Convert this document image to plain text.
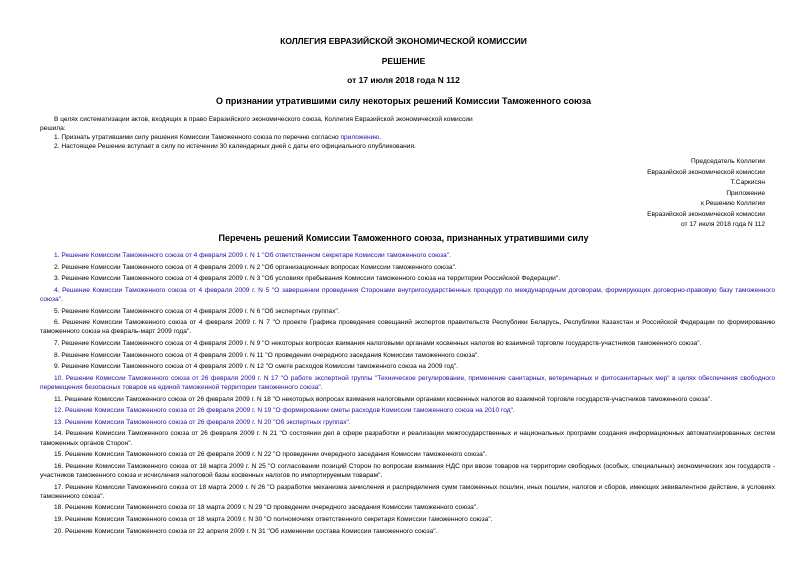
КОЛЛЕГИЯ ЕВРАЗИЙСКОЙ ЭКОНОМИЧЕСКОЙ КОМИССИИ
РЕШЕНИЕ
от 17 июля 2018 года N 112
О признании утратившими силу некоторых решений Комиссии Таможенного союза

В целях систематизации актов, входящих в право Евразийского экономического союза, Коллегия Евразийской экономической комиссии

решила:

1. Признать утратившими силу решения Комиссии Таможенного союза по перечню согласно приложению.

2. Настоящее Решение вступает в силу по истечении 30 календарных дней с даты его официального опубликования.

Председатель Коллегии
Евразийской экономической комиссии
Т.Саркисян
Приложение
к Решению Коллегии
Евразийской экономической комиссии
от 17 июля 2018 года N 112
Перечень решений Комиссии Таможенного союза, признанных утратившими силу
1. Решение Комиссии Таможенного союза от 4 февраля 2009 г. N 1 "Об ответственном секретаре Комиссии таможенного союза".
2. Решение Комиссии Таможенного союза от 4 февраля 2009 г. N 2 "Об организационных вопросах Комиссии таможенного союза".
3. Решение Комиссии Таможенного союза от 4 февраля 2009 г. N 3 "Об условиях пребывания Комиссии таможенного союза на территории Российской Федерации".
4. Решение Комиссии Таможенного союза от 4 февраля 2009 г. N 5 "О завершении проведения Сторонами внутригосударственных процедур по международным договорам, формирующих договорно-правовую базу таможенного союза".
5. Решение Комиссии Таможенного союза от 4 февраля 2009 г. N 6 "Об экспертных группах".
6. Решение Комиссии Таможенного союза от 4 февраля 2009 г. N 7 "О проекте Графика проведения совещаний экспертов правительств Республики Беларусь, Республики Казахстан и Российской Федерации по формированию таможенного союза на февраль-март 2009 года".
7. Решение Комиссии Таможенного союза от 4 февраля 2009 г. N 9 "О некоторых вопросах взимания налоговыми органами косвенных налогов во взаимной торговле государств-участников таможенного союза".
8. Решение Комиссии Таможенного союза от 4 февраля 2009 г. N 11 "О проведении очередного заседания Комиссии таможенного союза".
9. Решение Комиссии Таможенного союза от 4 февраля 2009 г. N 12 "О смете расходов Комиссии таможенного союза на 2009 год".
10. Решение Комиссии Таможенного союза от 26 февраля 2009 г. N 17 "О работе экспертной группы "Техническое регулирование, применение санитарных, ветеринарных и фитосанитарных мер" в целях обеспечения свободного перемещения безопасных товаров на единой таможенной территории таможенного союза".
11. Решение Комиссии Таможенного союза от 26 февраля 2009 г. N 18 "О некоторых вопросах взимания налоговыми органами косвенных налогов во взаимной торговле государств-участников таможенного союза".
12. Решение Комиссии Таможенного союза от 26 февраля 2009 г. N 19 "О формировании сметы расходов Комиссии таможенного союза на 2010 год".
13. Решение Комиссии Таможенного союза от 26 февраля 2009 г. N 20 "Об экспертных группах".
14. Решение Комиссии Таможенного союза от 26 февраля 2009 г. N 21 "О состоянии дел в сфере разработки и реализации межгосударственных и национальных программ создания информационных автоматизированных систем таможенных органов Сторон".
15. Решение Комиссии Таможенного союза от 26 февраля 2009 г. N 22 "О проведении очередного заседания Комиссии таможенного союза".
16. Решение Комиссии Таможенного союза от 18 марта 2009 г. N 25 "О согласовании позиций Сторон по вопросам взимания НДС при ввозе товаров на территории свободных (особых, специальных) экономических зон государств - участников таможенного союза и исчисления налоговой базы косвенных налогов по импортируемым товарам".
17. Решение Комиссии Таможенного союза от 18 марта 2009 г. N 26 "О разработке механизма зачисления и распределения сумм таможенных пошлин, иных пошлин, налогов и сборов, имеющих эквивалентное действие, в условиях таможенного союза".
18. Решение Комиссии Таможенного союза от 18 марта 2009 г. N 29 "О проведении очередного заседания Комиссии таможенного союза".
19. Решение Комиссии Таможенного союза от 18 марта 2009 г. N 30 "О полномочиях ответственного секретаря Комиссии таможенного союза".
20. Решение Комиссии Таможенного союза от 22 апреля 2009 г. N 31 "Об изменении состава Комиссии таможенного союза".
